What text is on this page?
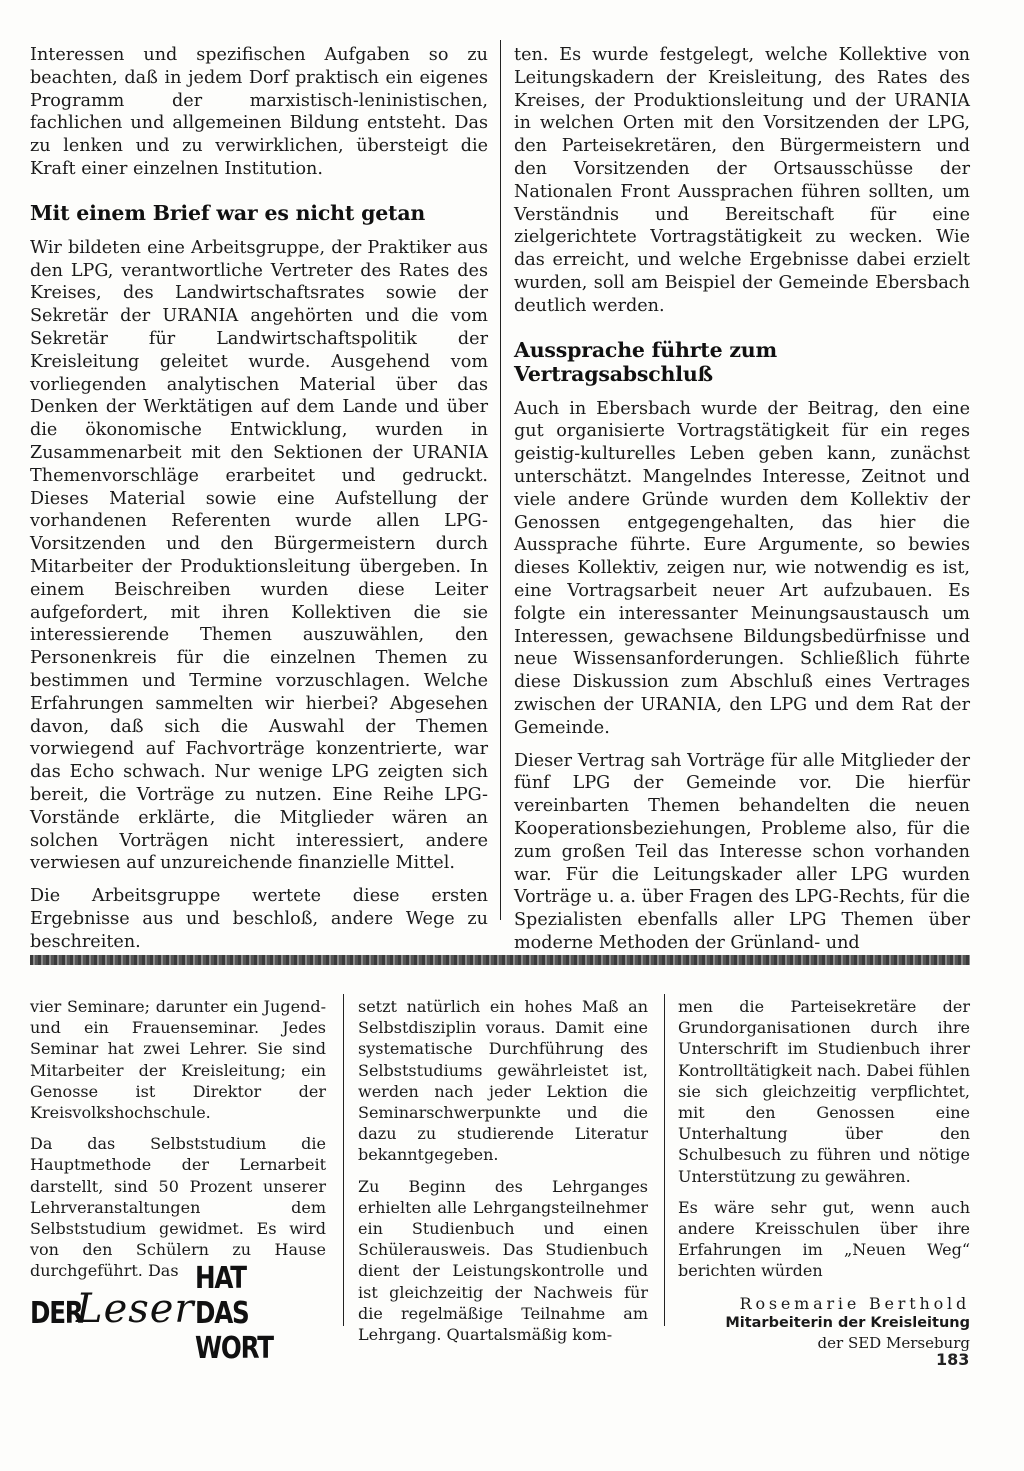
Interessen und spezifischen Aufgaben so zu beachten, daß in jedem Dorf praktisch ein eigenes Programm der marxistisch-leninistischen, fachlichen und allgemeinen Bildung entsteht. Das zu lenken und zu verwirklichen, übersteigt die Kraft einer einzelnen Institution.

Mit einem Brief war es nicht getan

Wir bildeten eine Arbeitsgruppe, der Praktiker aus den LPG, verantwortliche Vertreter des Rates des Kreises, des Landwirtschaftsrates sowie der Sekretär der URANIA angehörten und die vom Sekretär für Landwirtschaftspolitik der Kreisleitung geleitet wurde. Ausgehend vom vorliegenden analytischen Material über das Denken der Werktätigen auf dem Lande und über die ökonomische Entwicklung, wurden in Zusammenarbeit mit den Sektionen der URANIA Themenvorschläge erarbeitet und gedruckt. Dieses Material sowie eine Aufstellung der vorhandenen Referenten wurde allen LPG-Vorsitzenden und den Bürgermeistern durch Mitarbeiter der Produktionsleitung übergeben. In einem Beischreiben wurden diese Leiter aufgefordert, mit ihren Kollektiven die sie interessierende Themen auszuwählen, den Personenkreis für die einzelnen Themen zu bestimmen und Termine vorzuschlagen. Welche Erfahrungen sammelten wir hierbei? Abgesehen davon, daß sich die Auswahl der Themen vorwiegend auf Fachvorträge konzentrierte, war das Echo schwach. Nur wenige LPG zeigten sich bereit, die Vorträge zu nutzen. Eine Reihe LPG-Vorstände erklärte, die Mitglieder wären an solchen Vorträgen nicht interessiert, andere verwiesen auf unzureichende finanzielle Mittel.

Die Arbeitsgruppe wertete diese ersten Ergebnisse aus und beschloß, andere Wege zu beschreiten.

ten. Es wurde festgelegt, welche Kollektive von Leitungskadern der Kreisleitung, des Rates des Kreises, der Produktionsleitung und der URANIA in welchen Orten mit den Vorsitzenden der LPG, den Parteisekretären, den Bürgermeistern und den Vorsitzenden der Ortsausschüsse der Nationalen Front Aussprachen führen sollten, um Verständnis und Bereitschaft für eine zielgerichtete Vortragstätigkeit zu wecken. Wie das erreicht, und welche Ergebnisse dabei erzielt wurden, soll am Beispiel der Gemeinde Ebersbach deutlich werden.

Aussprache führte zum Vertragsabschluß

Auch in Ebersbach wurde der Beitrag, den eine gut organisierte Vortragstätigkeit für ein reges geistig-kulturelles Leben geben kann, zunächst unterschätzt. Mangelndes Interesse, Zeitnot und viele andere Gründe wurden dem Kollektiv der Genossen entgegengehalten, das hier die Aussprache führte. Eure Argumente, so bewies dieses Kollektiv, zeigen nur, wie notwendig es ist, eine Vortragsarbeit neuer Art aufzubauen. Es folgte ein interessanter Meinungsaustausch um Interessen, gewachsene Bildungsbedürfnisse und neue Wissensanforderungen. Schließlich führte diese Diskussion zum Abschluß eines Vertrages zwischen der URANIA, den LPG und dem Rat der Gemeinde.

Dieser Vertrag sah Vorträge für alle Mitglieder der fünf LPG der Gemeinde vor. Die hierfür vereinbarten Themen behandelten die neuen Kooperationsbeziehungen, Probleme also, für die zum großen Teil das Interesse schon vorhanden war. Für die Leitungskader aller LPG wurden Vorträge u. a. über Fragen des LPG-Rechts, für die Spezialisten ebenfalls aller LPG Themen über moderne Methoden der Grünland- und

vier Seminare; darunter ein Jugend- und ein Frauenseminar. Jedes Seminar hat zwei Lehrer. Sie sind Mitarbeiter der Kreisleitung; ein Genosse ist Direktor der Kreisvolkshochschule.

Da das Selbststudium die Hauptmethode der Lernarbeit darstellt, sind 50 Prozent unserer Lehrveranstaltungen dem Selbststudium gewidmet. Es wird von den Schülern zu Hause durchgeführt. Das

DER
Leser
HAT DAS WORT

setzt natürlich ein hohes Maß an Selbstdisziplin voraus. Damit eine systematische Durchführung des Selbststudiums gewährleistet ist, werden nach jeder Lektion die Seminarschwerpunkte und die dazu zu studierende Literatur bekanntgegeben.

Zu Beginn des Lehrganges erhielten alle Lehrgangsteilnehmer ein Studienbuch und einen Schülerausweis. Das Studienbuch dient der Leistungskontrolle und ist gleichzeitig der Nachweis für die regelmäßige Teilnahme am Lehrgang. Quartalsmäßig kom-

men die Parteisekretäre der Grundorganisationen durch ihre Unterschrift im Studienbuch ihrer Kontrolltätigkeit nach. Dabei fühlen sie sich gleichzeitig verpflichtet, mit den Genossen eine Unterhaltung über den Schulbesuch zu führen und nötige Unterstützung zu gewähren.

Es wäre sehr gut, wenn auch andere Kreisschulen über ihre Erfahrungen im „Neuen Weg“ berichten würden

Rosemarie Berthold
Mitarbeiterin der Kreisleitung
der SED Merseburg
183
